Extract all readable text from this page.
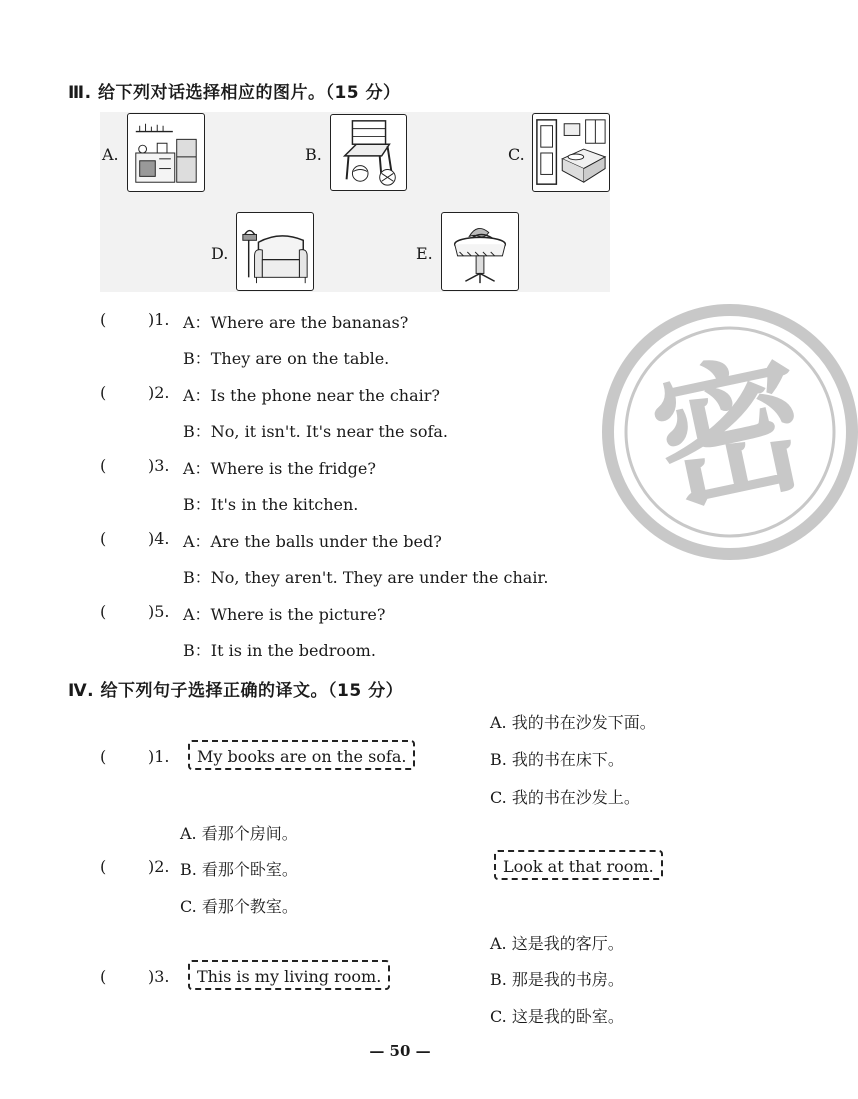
Ⅲ. 给下列对话选择相应的图片。（15 分）
A.	B.	C.
D.	E.
(	)1. A：Where are the bananas?
B：They are on the table.
(	)2. A：Is the phone near the chair?
B：No, it isn't. It's near the sofa.
(	)3. A：Where is the fridge?
B：It's in the kitchen.
(	)4. A：Are the balls under the bed?
B：No, they aren't. They are under the chair.
(	)5. A：Where is the picture?
B：It is in the bedroom.
密
Ⅳ. 给下列句子选择正确的译文。（15 分）
A. 我的书在沙发下面。
(	)1.	My books are on the sofa.	B. 我的书在床下。
C. 我的书在沙发上。
A. 看那个房间。
(	)2. B. 看那个卧室。	Look at that room.
C. 看那个教室。
A. 这是我的客厅。
(	)3.	This is my living room.	B. 那是我的书房。
C. 这是我的卧室。
— 50 —
